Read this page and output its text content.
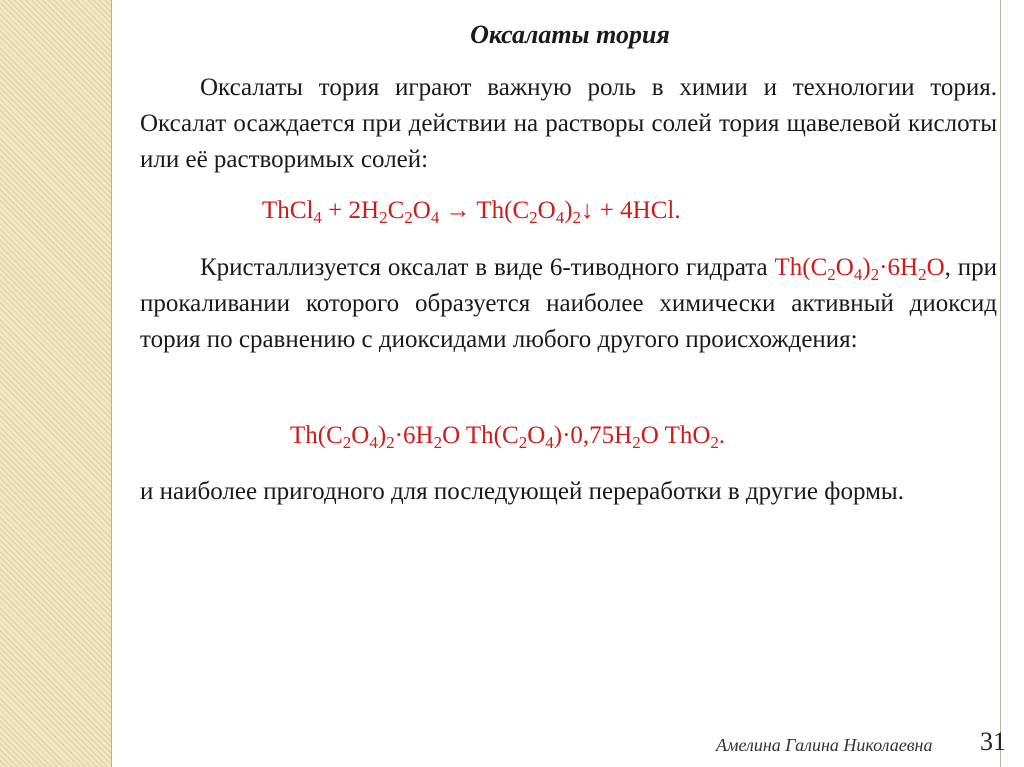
Оксалаты тория

Оксалаты тория играют важную роль в химии и технологии тория. Оксалат осаждается при действии на растворы солей тория щавелевой кислоты или её растворимых солей:

ThCl$_4$ + $2H_2C_2O_4$ → $Th(C_2O_4)_2↓ + 4HCl$.

Кристаллизуется оксалат в виде 6-тиводного гидрата $Th(C_2O_4)_2\cdot 6H_2O$, при прокаливании которого образуется наиболее химически активный диоксид тория по сравнению с диоксидами любого другого происхождения:

$Th(C_2O_4)_2\cdot 6H_2O$ $Th(C_2O_4)\cdot 0,75H_2O$ ThO$_2$.

и наиболее пригодного для последующей переработки в другие формы.

Амелина Галина Николаевна 31
